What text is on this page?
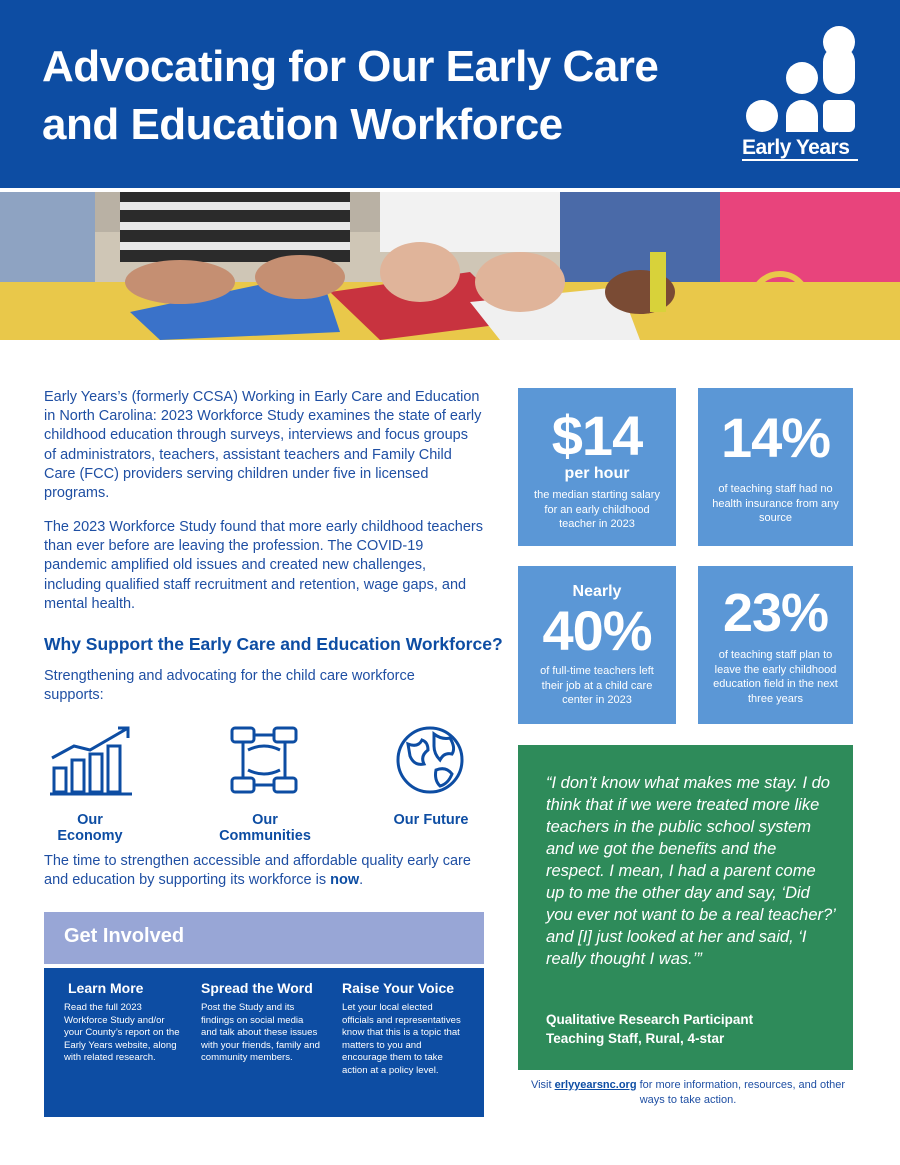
Advocating for Our Early Care and Education Workforce	Early Years

Early Years’s (formerly CCSA) Working in Early Care and Education in North Carolina: 2023 Workforce Study examines the state of early childhood education through surveys, interviews and focus groups of administrators, teachers, assistant teachers and Family Child Care (FCC) providers serving children under five in licensed programs.

The 2023 Workforce Study found that more early childhood teachers than ever before are leaving the profession. The COVID-19 pandemic amplified old issues and created new challenges, including qualified staff recruitment and retention, wage gaps, and mental health.

Why Support the Early Care and Education Workforce?

Strengthening and advocating for the child care workforce supports:

Our Economy
Our Communities
Our Future

The time to strengthen accessible and affordable quality early care and education by supporting its workforce is now.

Get Involved
Learn More

Read the full 2023 Workforce Study and/or your County’s report on the Early Years website, along with related research.

Spread the Word

Post the Study and its findings on social media and talk about these issues with your friends, family and community members.

Raise Your Voice

Let your local elected officials and representatives know that this is a topic that matters to you and encourage them to take action at a policy level.

$14
per hour
the median starting salary for an early childhood teacher in 2023
14%
of teaching staff had no health insurance from any source
Nearly
40%
of full-time teachers left their job at a child care center in 2023
23%
of teaching staff plan to leave the early childhood education field in the next three years

“I don’t know what makes me stay. I do think that if we were treated more like teachers in the public school system and we got the benefits and the respect. I mean, I had a parent come up to me the other day and say, ‘Did you ever not want to be a real teacher?’ and [I] just looked at her and said, ‘I really thought I was.’”

Qualitative Research Participant
Teaching Staff, Rural, 4-star

Visit erlyyearsnc.org for more information, resources, and other ways to take action.
